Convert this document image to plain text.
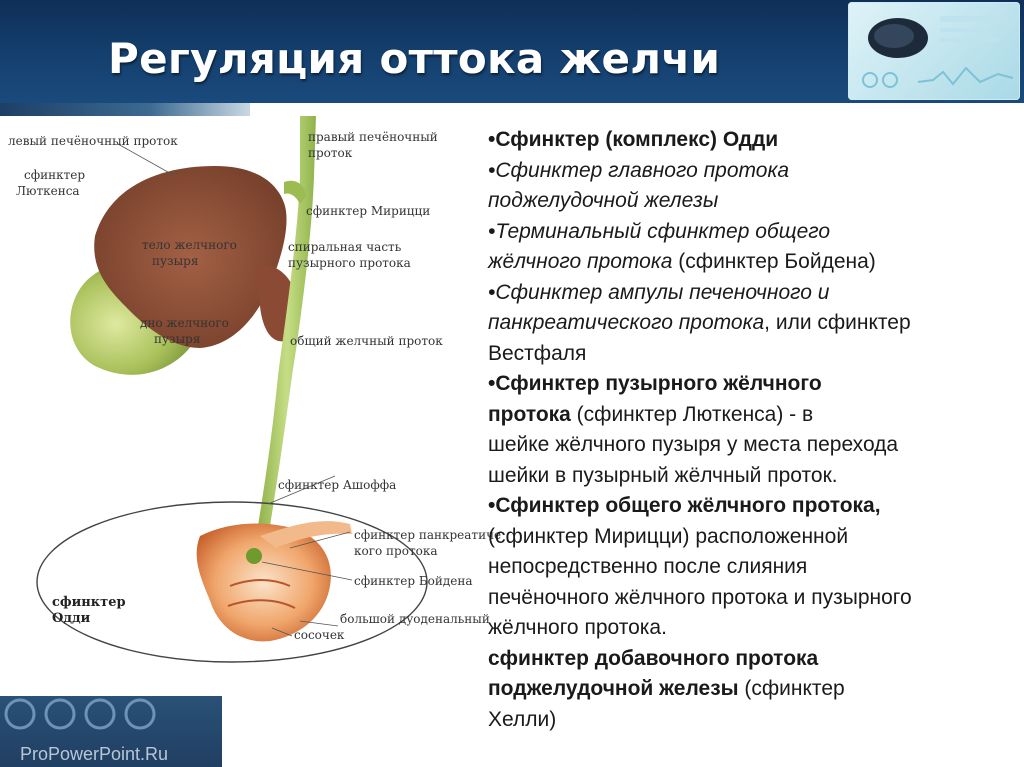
Регуляция оттока желчи
левый печёночный проток	правый печёночный
проток
сфинктер
Люткенса
сфинктер Мирицци
тело желчного
пузыря
спиральная часть
пузырного протока
дно желчного
пузыря	общий желчный проток
сфинктер Ашоффа
сфинктер панкреатиче
кого протока
сфинктер Бойдена
сфинктер
Одди	большой дуоденальный
сосочек

•Сфинктер (комплекс) Одди

•Сфинктер главного протока

поджелудочной железы

•Терминальный сфинктер общего

жёлчного протока (сфинктер Бойдена)

•Сфинктер ампулы печеночного и

панкреатического протока, или сфинктер

Вестфаля

•Сфинктер пузырного жёлчного

протока (сфинктер Люткенса) - в

шейке жёлчного пузыря у места перехода

шейки в пузырный жёлчный проток.

•Сфинктер общего жёлчного протока,

(сфинктер Мирицци) расположенной

непосредственно после слияния

печёночного жёлчного протока и пузырного

жёлчного протока.

сфинктер добавочного протока

поджелудочной железы (сфинктер

Хелли)

ProPowerPoint.Ru
